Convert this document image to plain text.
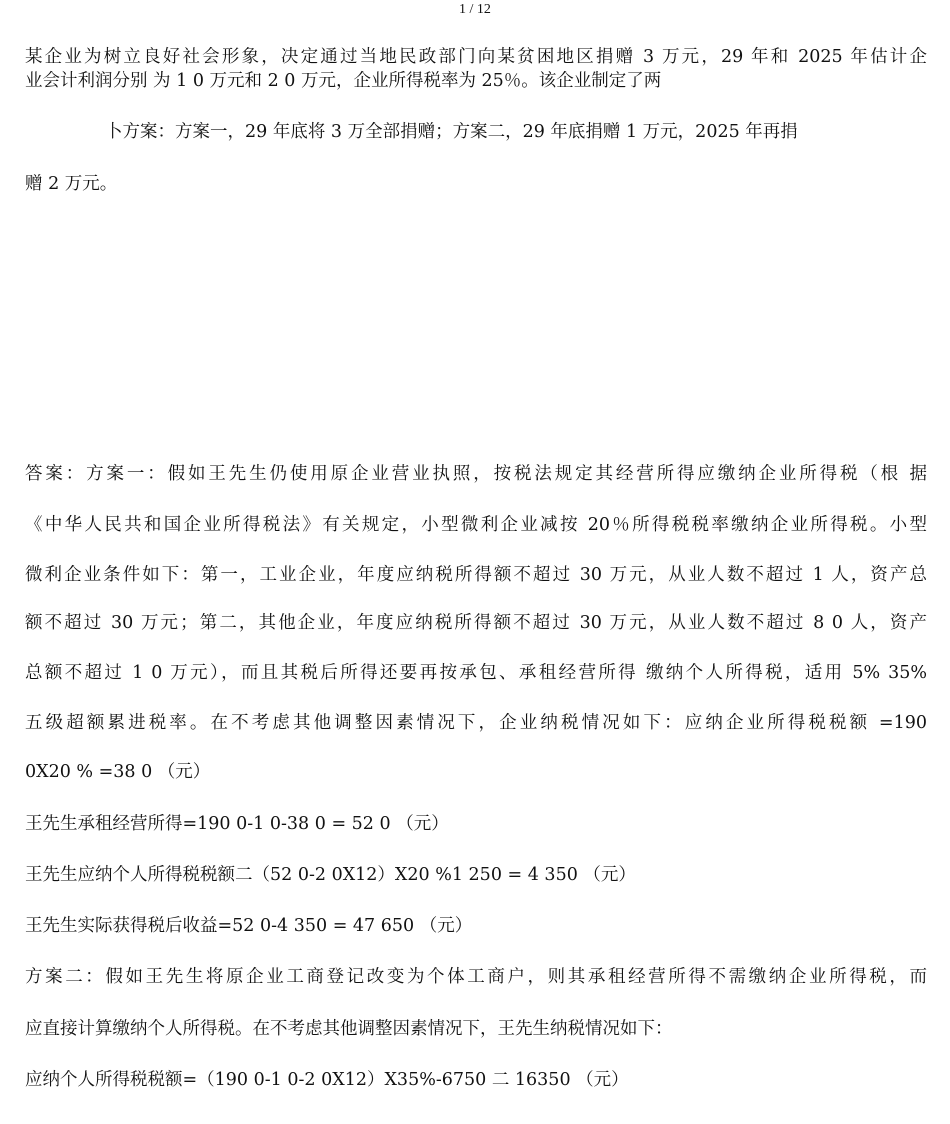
1 / 12
某企业为树立良好社会形象，决定通过当地民政部门向某贫困地区捐赠 3 万元，29 年和 2025 年估计企
业会计利润分别 为 1 0 万元和 2 0 万元，企业所得税率为 25％。该企业制定了两
卜方案：方案一，29 年底将 3 万全部捐赠；方案二，29 年底捐赠 1 万元，2025 年再捐
赠 2 万元。
答案：方案一：假如王先生仍使用原企业营业执照，按税法规定其经营所得应缴纳企业所得税（根 据
《中华人民共和国企业所得税法》有关规定，小型微利企业减按 20％所得税税率缴纳企业所得税。小型
微利企业条件如下：第一，工业企业，年度应纳税所得额不超过 30 万元，从业人数不超过 1 人，资产总
额不超过 30 万元；第二，其他企业，年度应纳税所得额不超过 30 万元，从业人数不超过 8 0 人，资产
总额不超过 1 0 万元），而且其税后所得还要再按承包、承租经营所得 缴纳个人所得税，适用 5% 35%
五级超额累进税率。在不考虑其他调整因素情况下，企业纳税情况如下：应纳企业所得税税额 =190
0X20 % =38 0 （元）
王先生承租经营所得=190 0-1 0-38 0 = 52 0 （元）
王先生应纳个人所得税税额二（52 0-2 0X12）X20 %1 250 = 4 350 （元）
王先生实际获得税后收益=52 0-4 350 = 47 650 （元）
方案二：假如王先生将原企业工商登记改变为个体工商户，则其承租经营所得不需缴纳企业所得税，而
应直接计算缴纳个人所得税。在不考虑其他调整因素情况下，王先生纳税情况如下：
应纳个人所得税税额=（190 0-1 0-2 0X12）X35%-6750 二 16350 （元）
